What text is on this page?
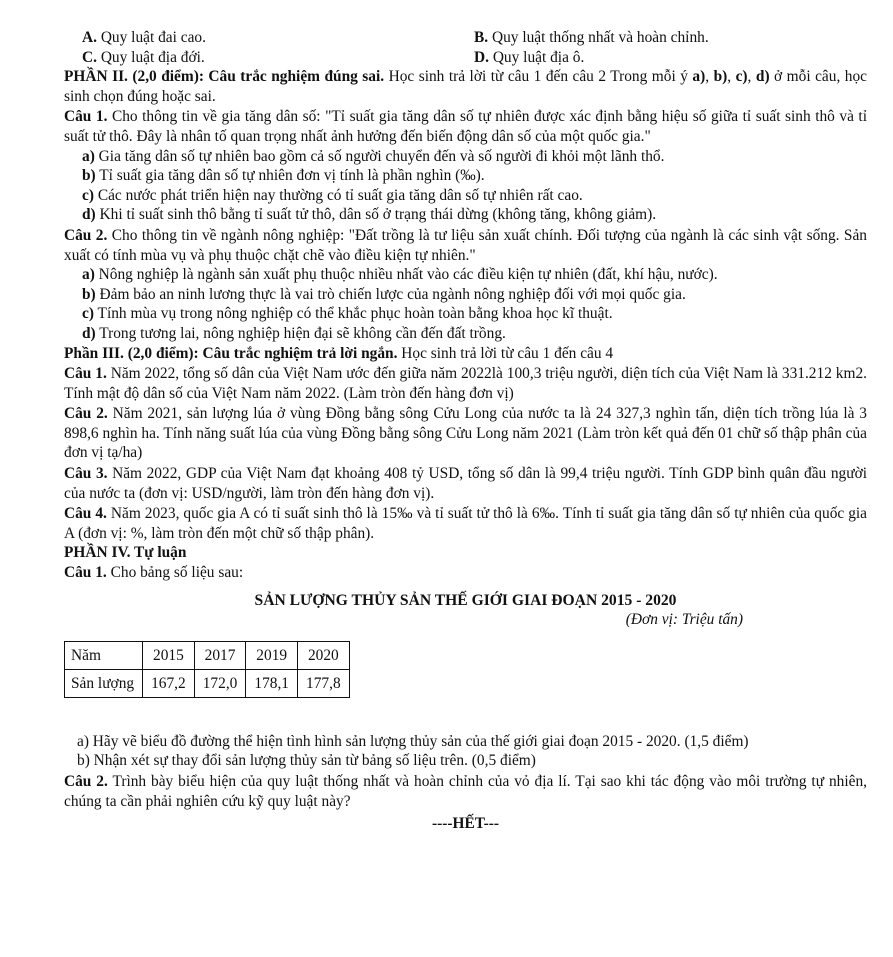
A. Quy luật đai cao.	B. Quy luật thống nhất và hoàn chỉnh.
C. Quy luật địa đới.	D. Quy luật địa ô.

PHẦN II. (2,0 điểm): Câu trắc nghiệm đúng sai. Học sinh trả lời từ câu 1 đến câu 2 Trong mỗi ý a), b), c), d) ở mỗi câu, học sinh chọn đúng hoặc sai.

Câu 1. Cho thông tin về gia tăng dân số: "Tỉ suất gia tăng dân số tự nhiên được xác định bằng hiệu số giữa tỉ suất sinh thô và tỉ suất tử thô. Đây là nhân tố quan trọng nhất ảnh hưởng đến biến động dân số của một quốc gia."

a) Gia tăng dân số tự nhiên bao gồm cả số người chuyển đến và số người đi khỏi một lãnh thổ.
b) Tỉ suất gia tăng dân số tự nhiên đơn vị tính là phần nghìn (‰).
c) Các nước phát triển hiện nay thường có tỉ suất gia tăng dân số tự nhiên rất cao.
d) Khi tỉ suất sinh thô bằng tỉ suất tử thô, dân số ở trạng thái dừng (không tăng, không giảm).

Câu 2. Cho thông tin về ngành nông nghiệp: "Đất trồng là tư liệu sản xuất chính. Đối tượng của ngành là các sinh vật sống. Sản xuất có tính mùa vụ và phụ thuộc chặt chẽ vào điều kiện tự nhiên."

a) Nông nghiệp là ngành sản xuất phụ thuộc nhiều nhất vào các điều kiện tự nhiên (đất, khí hậu, nước).
b) Đảm bảo an ninh lương thực là vai trò chiến lược của ngành nông nghiệp đối với mọi quốc gia.
c) Tính mùa vụ trong nông nghiệp có thể khắc phục hoàn toàn bằng khoa học kĩ thuật.
d) Trong tương lai, nông nghiệp hiện đại sẽ không cần đến đất trồng.

Phần III. (2,0 điểm): Câu trắc nghiệm trả lời ngắn. Học sinh trả lời từ câu 1 đến câu 4

Câu 1. Năm 2022, tổng số dân của Việt Nam ước đến giữa năm 2022là 100,3 triệu người, diện tích của Việt Nam là 331.212 km2. Tính mật độ dân số của Việt Nam năm 2022. (Làm tròn đến hàng đơn vị)

Câu 2. Năm 2021, sản lượng lúa ở vùng Đồng bằng sông Cửu Long của nước ta là 24 327,3 nghìn tấn, diện tích trồng lúa là 3 898,6 nghìn ha. Tính năng suất lúa của vùng Đồng bằng sông Cửu Long năm 2021 (Làm tròn kết quả đến 01 chữ số thập phân của đơn vị tạ/ha)

Câu 3. Năm 2022, GDP của Việt Nam đạt khoảng 408 tỷ USD, tổng số dân là 99,4 triệu người. Tính GDP bình quân đầu người của nước ta (đơn vị: USD/người, làm tròn đến hàng đơn vị).

Câu 4. Năm 2023, quốc gia A có tỉ suất sinh thô là 15‰ và tỉ suất tử thô là 6‰. Tính tỉ suất gia tăng dân số tự nhiên của quốc gia A (đơn vị: %, làm tròn đến một chữ số thập phân).

PHẦN IV. Tự luận

Câu 1. Cho bảng số liệu sau:

SẢN LƯỢNG THỦY SẢN THẾ GIỚI GIAI ĐOẠN 2015 - 2020
(Đơn vị: Triệu tấn)
Năm	2015	2017	2019	2020
Sản lượng	167,2	172,0	178,1	177,8
a) Hãy vẽ biểu đồ đường thể hiện tình hình sản lượng thủy sản của thế giới giai đoạn 2015 - 2020. (1,5 điểm)
b) Nhận xét sự thay đổi sản lượng thủy sản từ bảng số liệu trên. (0,5 điểm)

Câu 2. Trình bày biểu hiện của quy luật thống nhất và hoàn chỉnh của vỏ địa lí. Tại sao khi tác động vào môi trường tự nhiên, chúng ta cần phải nghiên cứu kỹ quy luật này?

----HẾT---
